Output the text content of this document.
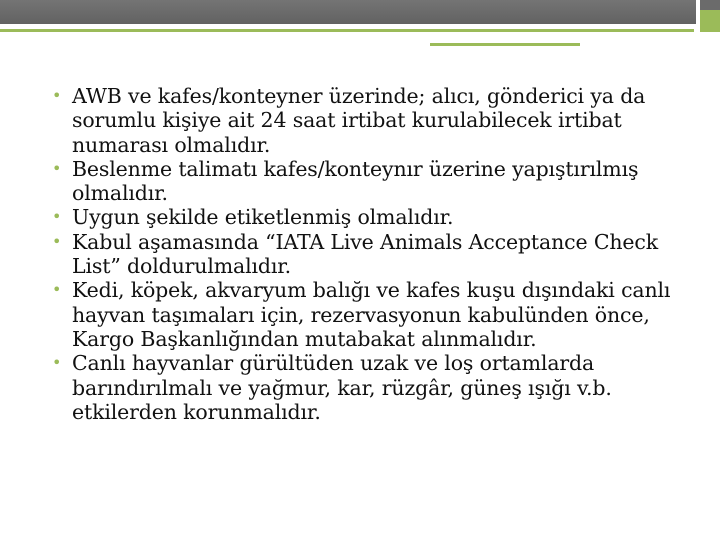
• AWB ve kafes/konteyner üzerinde; alıcı, gönderici ya da sorumlu kişiye ait 24 saat irtibat kurulabilecek irtibat numarası olmalıdır.
• Beslenme talimatı kafes/konteynır üzerine yapıştırılmış olmalıdır.
• Uygun şekilde etiketlenmiş olmalıdır.
• Kabul aşamasında “IATA Live Animals Acceptance Check List” doldurulmalıdır.
• Kedi, köpek, akvaryum balığı ve kafes kuşu dışındaki canlı hayvan taşımaları için, rezervasyonun kabulünden önce, Kargo Başkanlığından mutabakat alınmalıdır.
• Canlı hayvanlar gürültüden uzak ve loş ortamlarda barındırılmalı ve yağmur, kar, rüzgâr, güneş ışığı v.b. etkilerden korunmalıdır.
